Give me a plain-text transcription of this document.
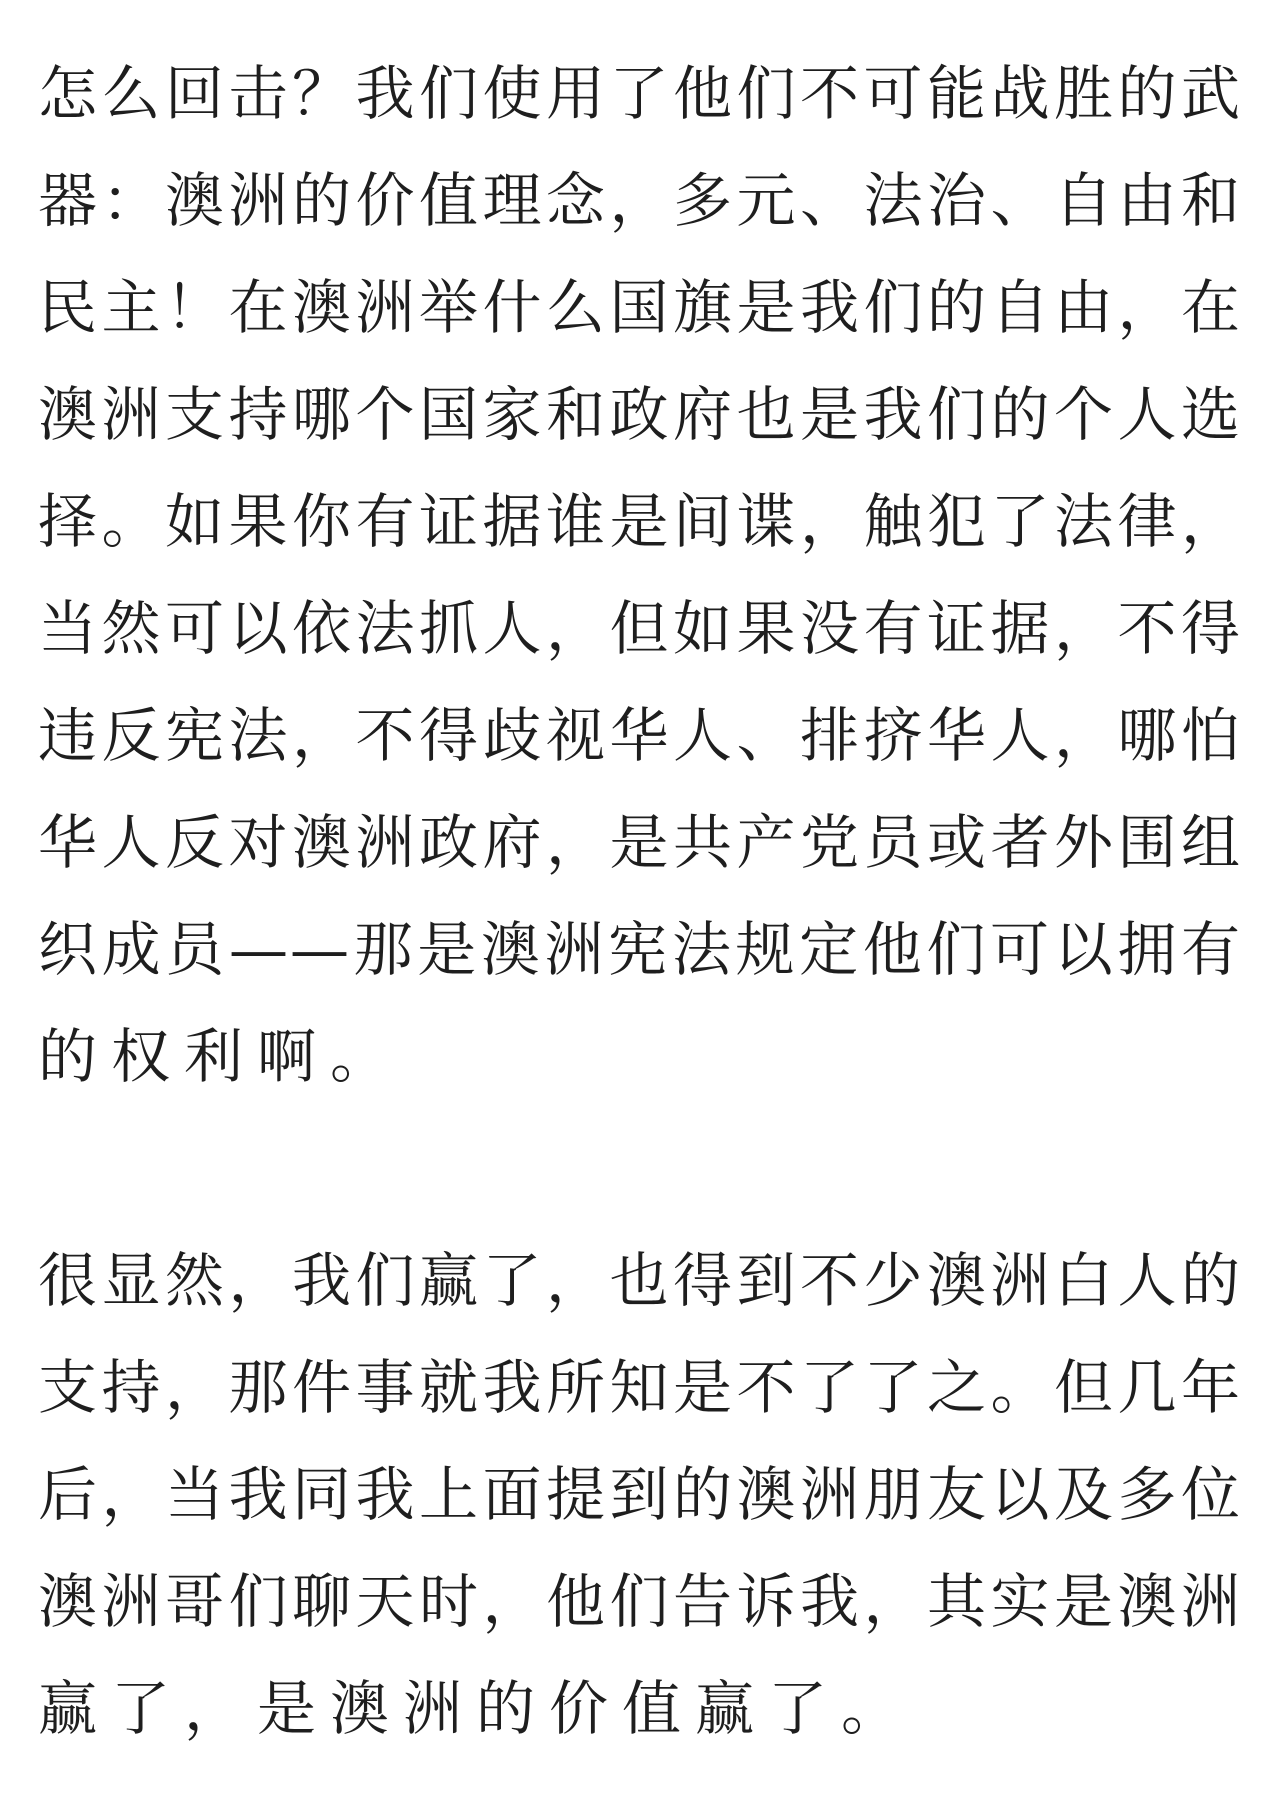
怎么回击？我们使用了他们不可能战胜的武
器：澳洲的价值理念，多元、法治、自由和
民主！在澳洲举什么国旗是我们的自由，在
澳洲支持哪个国家和政府也是我们的个人选
择。如果你有证据谁是间谍，触犯了法律，
当然可以依法抓人，但如果没有证据，不得
违反宪法，不得歧视华人、排挤华人，哪怕
华人反对澳洲政府，是共产党员或者外围组
织成员——那是澳洲宪法规定他们可以拥有
的权利啊。
很显然，我们赢了，也得到不少澳洲白人的
支持，那件事就我所知是不了了之。但几年
后，当我同我上面提到的澳洲朋友以及多位
澳洲哥们聊天时，他们告诉我，其实是澳洲
赢了，是澳洲的价值赢了。
